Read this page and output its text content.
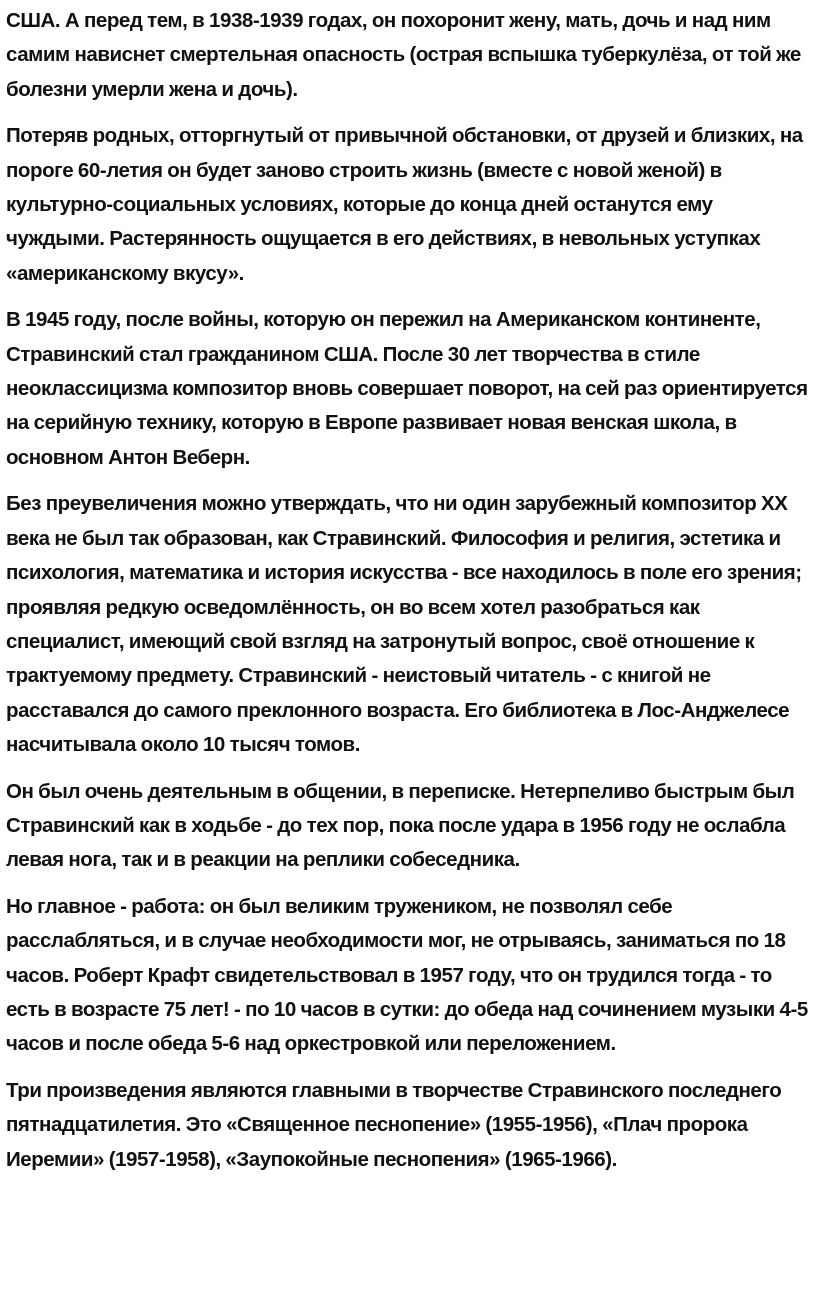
США. А перед тем, в 1938-1939 годах, он похоронит жену, мать, дочь и над ним самим нависнет смертельная опасность (острая вспышка туберкулёза, от той же болезни умерли жена и дочь).

Потеряв родных, отторгнутый от привычной обстановки, от друзей и близких, на пороге 60-летия он будет заново строить жизнь (вместе с новой женой) в культурно-социальных условиях, которые до конца дней останутся ему чуждыми. Растерянность ощущается в его действиях, в невольных уступках «американскому вкусу».

В 1945 году, после войны, которую он пережил на Американском континенте, Стравинский стал гражданином США. После 30 лет творчества в стиле неоклассицизма композитор вновь совершает поворот, на сей раз ориентируется на серийную технику, которую в Европе развивает новая венская школа, в основном Антон Веберн.

Без преувеличения можно утверждать, что ни один зарубежный композитор XX века не был так образован, как Стравинский. Философия и религия, эстетика и психология, математика и история искусства - все находилось в поле его зрения; проявляя редкую осведомлённость, он во всем хотел разобраться как специалист, имеющий свой взгляд на затронутый вопрос, своё отношение к трактуемому предмету. Стравинский - неистовый читатель - с книгой не расставался до самого преклонного возраста. Его библиотека в Лос-Анджелесе насчитывала около 10 тысяч томов.

Он был очень деятельным в общении, в переписке. Нетерпеливо быстрым был Стравинский как в ходьбе - до тех пор, пока после удара в 1956 году не ослабла левая нога, так и в реакции на реплики собеседника.

Но главное - работа: он был великим тружеником, не позволял себе расслабляться, и в случае необходимости мог, не отрываясь, заниматься по 18 часов. Роберт Крафт свидетельствовал в 1957 году, что он трудился тогда - то есть в возрасте 75 лет! - по 10 часов в сутки: до обеда над сочинением музыки 4-5 часов и после обеда 5-6 над оркестровкой или переложением.

Три произведения являются главными в творчестве Стравинского последнего пятнадцатилетия. Это «Священное песнопение» (1955-1956), «Плач пророка Иеремии» (1957-1958), «Заупокойные песнопения» (1965-1966).
